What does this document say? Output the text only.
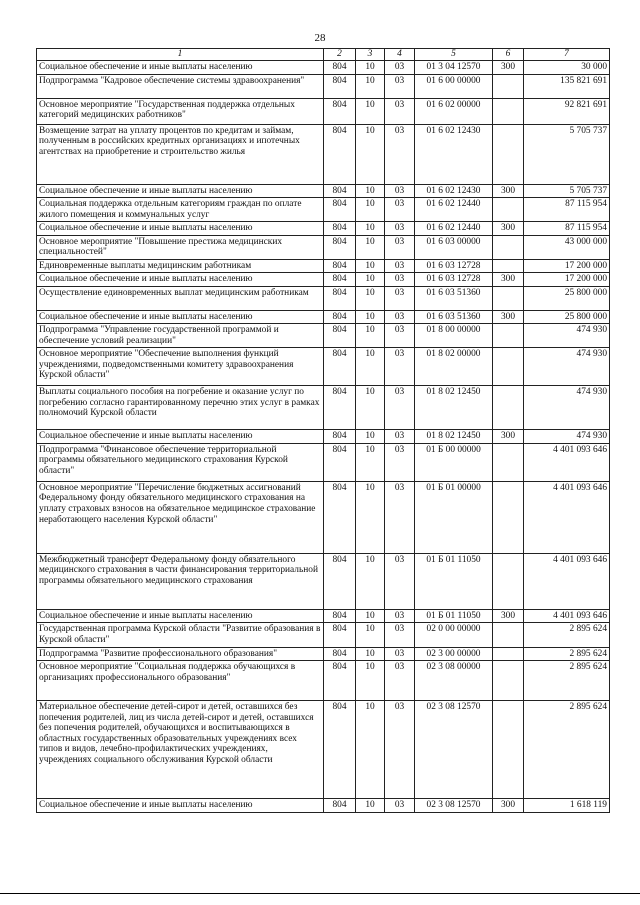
28
1	2	3	4	5	6	7
Социальное обеспечение и иные выплаты населению	804	10	03	01 3 04 12570	300	30 000
Подпрограмма "Кадровое обеспечение системы здравоохранения"	804	10	03	01 6 00 00000		135 821 691
Основное мероприятие "Государственная поддержка отдельных категорий медицинских работников"	804	10	03	01 6 02 00000		92 821 691
Возмещение затрат на уплату процентов по кредитам и займам, полученным в российских кредитных организациях и ипотечных агентствах на приобретение и строительство жилья	804	10	03	01 6 02 12430		5 705 737
Социальное обеспечение и иные выплаты населению	804	10	03	01 6 02 12430	300	5 705 737
Социальная поддержка отдельным категориям граждан по оплате жилого помещения и коммунальных услуг	804	10	03	01 6 02 12440		87 115 954
Социальное обеспечение и иные выплаты населению	804	10	03	01 6 02 12440	300	87 115 954
Основное мероприятие "Повышение престижа медицинских специальностей"	804	10	03	01 6 03 00000		43 000 000
Единовременные выплаты медицинским работникам	804	10	03	01 6 03 12728		17 200 000
Социальное обеспечение и иные выплаты населению	804	10	03	01 6 03 12728	300	17 200 000
Осуществление единовременных выплат медицинским работникам	804	10	03	01 6 03 51360		25 800 000
Социальное обеспечение и иные выплаты населению	804	10	03	01 6 03 51360	300	25 800 000
Подпрограмма "Управление государственной программой и обеспечение условий реализации"	804	10	03	01 8 00 00000		474 930
Основное мероприятие "Обеспечение выполнения функций учреждениями, подведомственными комитету здравоохранения Курской области"	804	10	03	01 8 02 00000		474 930
Выплаты социального пособия на погребение и оказание услуг по погребению согласно гарантированному перечню этих услуг в рамках полномочий Курской области	804	10	03	01 8 02 12450		474 930
Социальное обеспечение и иные выплаты населению	804	10	03	01 8 02 12450	300	474 930
Подпрограмма "Финансовое обеспечение территориальной программы обязательного медицинского страхования Курской области"	804	10	03	01 Б 00 00000		4 401 093 646
Основное мероприятие "Перечисление бюджетных ассигнований Федеральному фонду обязательного медицинского страхования на уплату страховых взносов на обязательное медицинское страхование неработающего населения Курской области"	804	10	03	01 Б 01 00000		4 401 093 646
Межбюджетный трансферт Федеральному фонду обязательного медицинского страхования в части финансирования территориальной программы обязательного медицинского страхования	804	10	03	01 Б 01 11050		4 401 093 646
Социальное обеспечение и иные выплаты населению	804	10	03	01 Б 01 11050	300	4 401 093 646
Государственная программа Курской области "Развитие образования в Курской области"	804	10	03	02 0 00 00000		2 895 624
Подпрограмма "Развитие профессионального образования"	804	10	03	02 3 00 00000		2 895 624
Основное мероприятие "Социальная поддержка обучающихся в организациях профессионального образования"	804	10	03	02 3 08 00000		2 895 624
Материальное обеспечение детей-сирот и детей, оставшихся без попечения родителей, лиц из числа детей-сирот и детей, оставшихся без попечения родителей, обучающихся и воспитывающихся в областных государственных образовательных учреждениях всех типов и видов, лечебно-профилактических учреждениях, учреждениях социального обслуживания Курской области	804	10	03	02 3 08 12570		2 895 624
Социальное обеспечение и иные выплаты населению	804	10	03	02 3 08 12570	300	1 618 119
